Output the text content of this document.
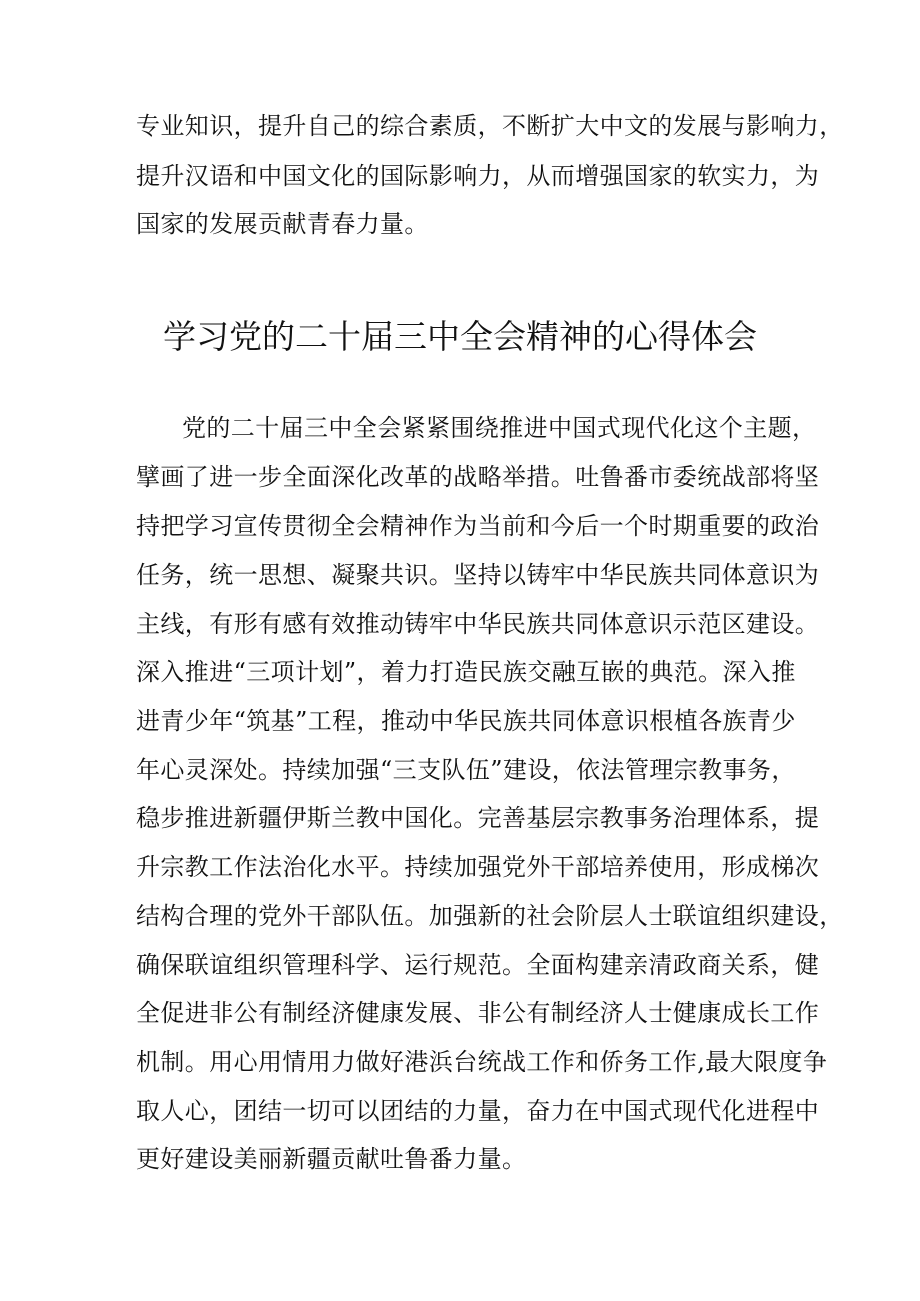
专业知识，提升自己的综合素质，不断扩大中文的发展与影响力，
提升汉语和中国文化的国际影响力，从而增强国家的软实力，为
国家的发展贡献青春力量。
学习党的二十届三中全会精神的心得体会
党的二十届三中全会紧紧围绕推进中国式现代化这个主题，
擘画了进一步全面深化改革的战略举措。吐鲁番市委统战部将坚
持把学习宣传贯彻全会精神作为当前和今后一个时期重要的政治
任务，统一思想、凝聚共识。坚持以铸牢中华民族共同体意识为
主线，有形有感有效推动铸牢中华民族共同体意识示范区建设。
深入推进“三项计划”，着力打造民族交融互嵌的典范。深入推
进青少年“筑基”工程，推动中华民族共同体意识根植各族青少
年心灵深处。持续加强“三支队伍”建设，依法管理宗教事务，
稳步推进新疆伊斯兰教中国化。完善基层宗教事务治理体系，提
升宗教工作法治化水平。持续加强党外干部培养使用，形成梯次
结构合理的党外干部队伍。加强新的社会阶层人士联谊组织建设，
确保联谊组织管理科学、运行规范。全面构建亲清政商关系，健
全促进非公有制经济健康发展、非公有制经济人士健康成长工作
机制。用心用情用力做好港浜台统战工作和侨务工作,最大限度争
取人心，团结一切可以团结的力量，奋力在中国式现代化进程中
更好建设美丽新疆贡献吐鲁番力量。
